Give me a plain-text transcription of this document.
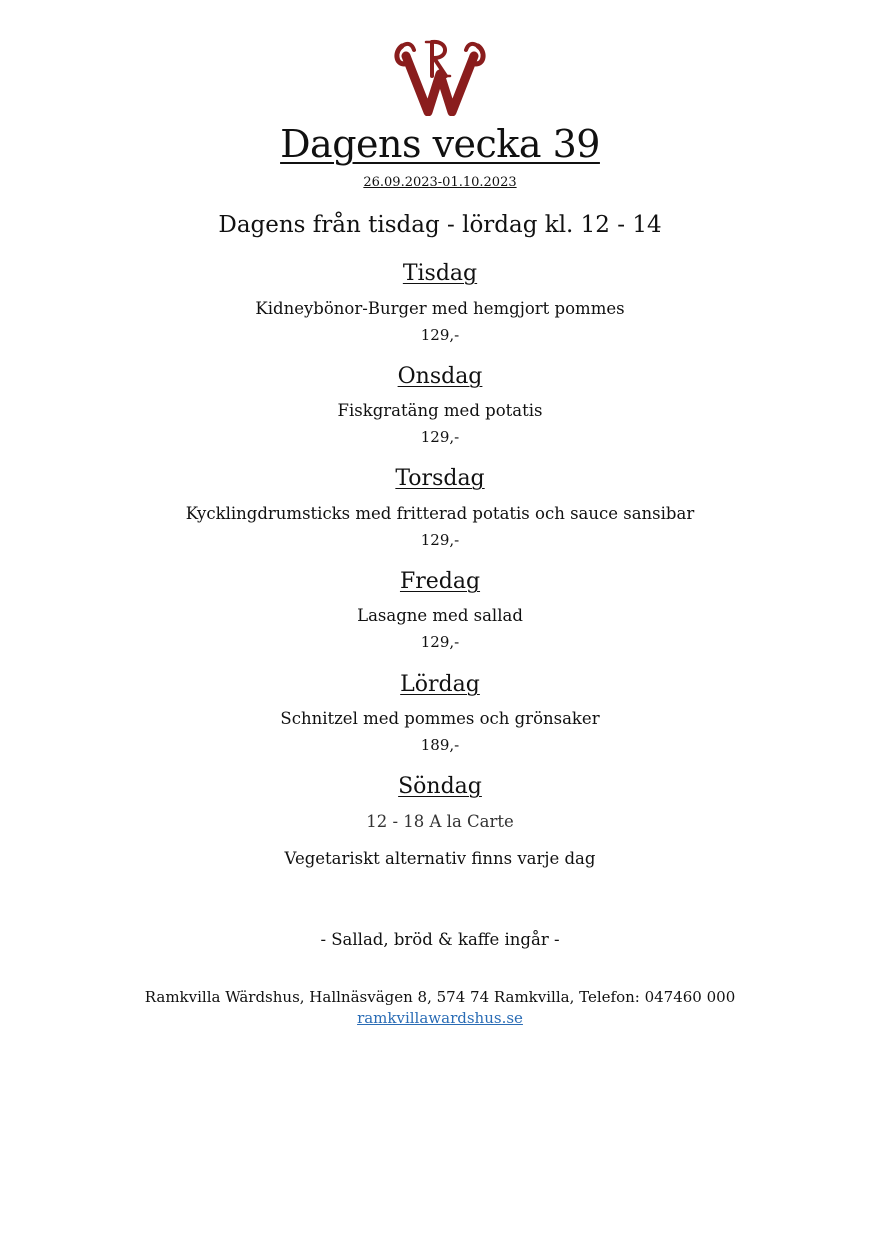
Dagens vecka 39
26.09.2023-01.10.2023
Dagens från tisdag - lördag kl. 12 - 14
Tisdag
Kidneybönor-Burger med hemgjort pommes
129,-
Onsdag
Fiskgratäng med potatis
129,-
Torsdag
Kycklingdrumsticks med fritterad potatis och sauce sansibar
129,-
Fredag
Lasagne med sallad
129,-
Lördag
Schnitzel med pommes och grönsaker
189,-
Söndag
12 - 18 A la Carte
Vegetariskt alternativ finns varje dag
- Sallad, bröd & kaffe ingår -
Ramkvilla Wärdshus, Hallnäsvägen 8, 574 74 Ramkvilla, Telefon: 047460 000
ramkvillawardshus.se
